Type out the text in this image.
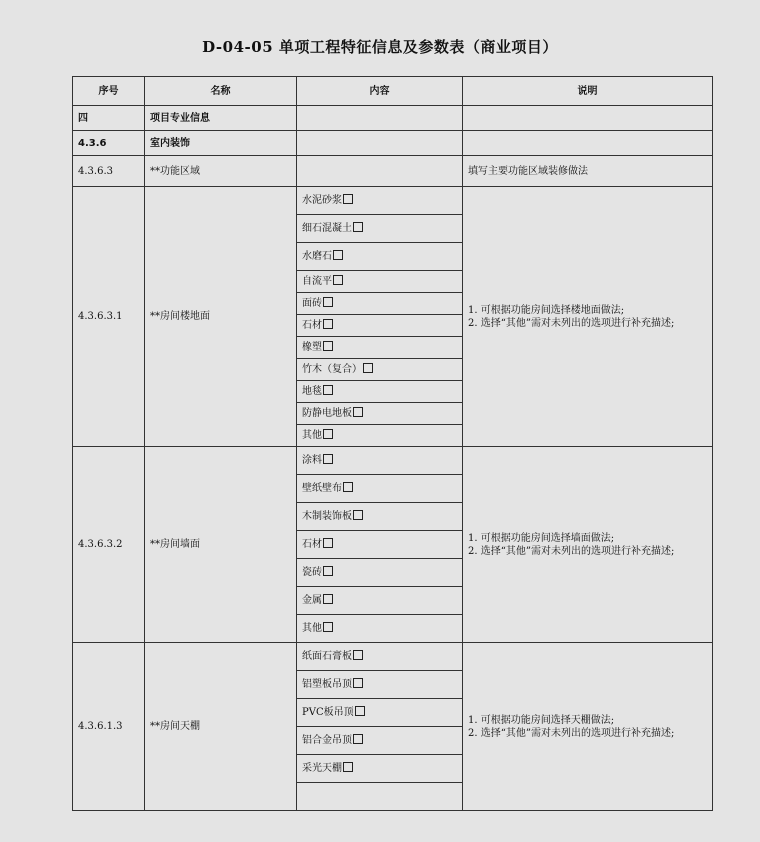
D-04-05 单项工程特征信息及参数表（商业项目）
序号	名称	内容	说明
四	项目专业信息		
4.3.6	室内装饰		
4.3.6.3	**功能区域		填写主要功能区域装修做法
4.3.6.3.1	**房间楼地面	水泥砂浆	1. 可根据功能房间选择楼地面做法;
2. 选择“其他”需对未列出的选项进行补充描述;

		细石混凝土	
		水磨石	
		自流平	
		面砖	
		石材	
		橡塑	
		竹木（复合）	
		地毯	
		防静电地板	
		其他	
4.3.6.3.2	**房间墙面	涂料	1. 可根据功能房间选择墙面做法;
2. 选择“其他”需对未列出的选项进行补充描述;

		壁纸壁布	
		木制装饰板	
		石材	
		瓷砖	
		金属	
		其他	
4.3.6.1.3	**房间天棚	纸面石膏板	1. 可根据功能房间选择天棚做法;
2. 选择“其他”需对未列出的选项进行补充描述;

		铝塑板吊顶	
		PVC板吊顶	
		铝合金吊顶	
		采光天棚	
